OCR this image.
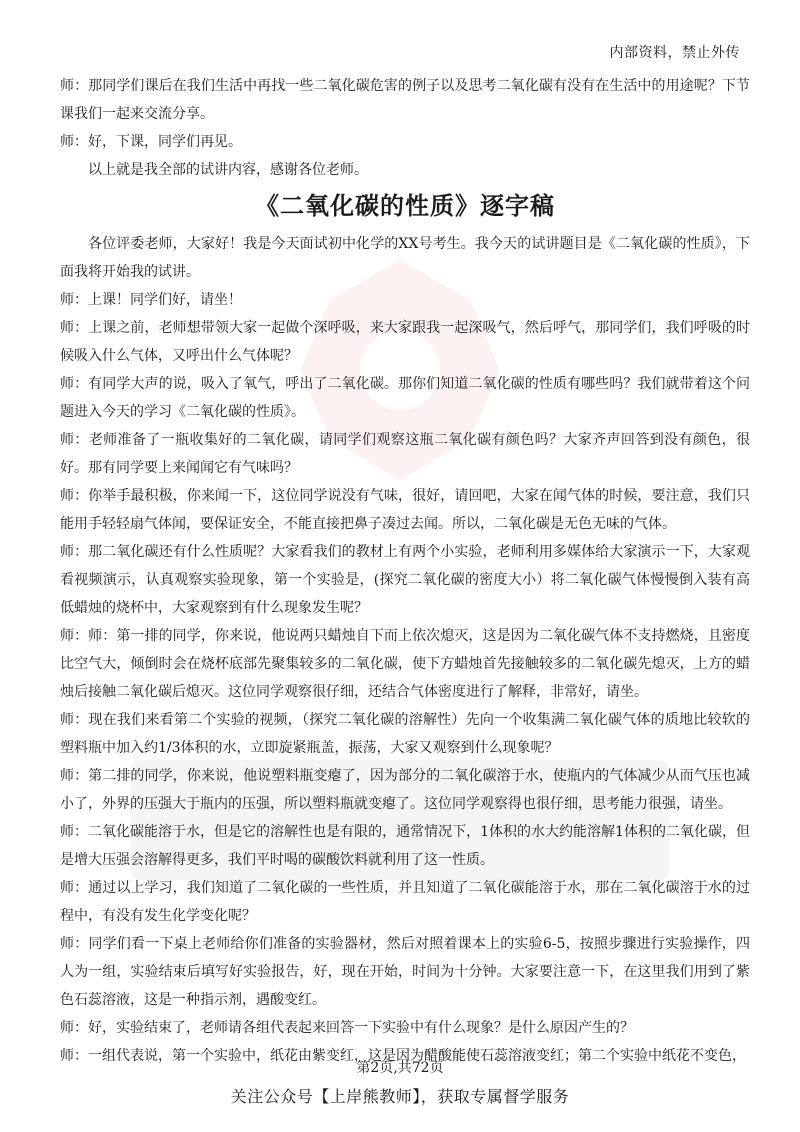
内部资料，禁止外传

师：那同学们课后在我们生活中再找一些二氧化碳危害的例子以及思考二氧化碳有没有在生活中的用途呢？下节课我们一起来交流分享。

师：好，下课，同学们再见。

以上就是我全部的试讲内容，感谢各位老师。

《二氧化碳的性质》逐字稿

各位评委老师，大家好！我是今天面试初中化学的XX号考生。我今天的试讲题目是《二氧化碳的性质》，下面我将开始我的试讲。

师：上课！同学们好，请坐！

师：上课之前，老师想带领大家一起做个深呼吸，来大家跟我一起深吸气，然后呼气，那同学们，我们呼吸的时候吸入什么气体，又呼出什么气体呢？

师：有同学大声的说，吸入了氧气，呼出了二氧化碳。那你们知道二氧化碳的性质有哪些吗？我们就带着这个问题进入今天的学习《二氧化碳的性质》。

师：老师准备了一瓶收集好的二氧化碳，请同学们观察这瓶二氧化碳有颜色吗？大家齐声回答到没有颜色，很好。那有同学要上来闻闻它有气味吗？

师：你举手最积极，你来闻一下，这位同学说没有气味，很好，请回吧，大家在闻气体的时候，要注意，我们只能用手轻轻扇气体闻，要保证安全，不能直接把鼻子凑过去闻。所以，二氧化碳是无色无味的气体。

师：那二氧化碳还有什么性质呢？大家看我们的教材上有两个小实验，老师利用多媒体给大家演示一下，大家观看视频演示，认真观察实验现象，第一个实验是，(探究二氧化碳的密度大小）将二氧化碳气体慢慢倒入装有高低蜡烛的烧杯中，大家观察到有什么现象发生呢？

师：师：第一排的同学，你来说，他说两只蜡烛自下而上依次熄灭，这是因为二氧化碳气体不支持燃烧，且密度比空气大，倾倒时会在烧杯底部先聚集较多的二氧化碳，使下方蜡烛首先接触较多的二氧化碳先熄灭，上方的蜡烛后接触二氧化碳后熄灭。这位同学观察很仔细，还结合气体密度进行了解释，非常好，请坐。

师：现在我们来看第二个实验的视频，（探究二氧化碳的溶解性）先向一个收集满二氧化碳气体的质地比较软的塑料瓶中加入约1/3体积的水，立即旋紧瓶盖，振荡，大家又观察到什么现象呢？

师：第二排的同学，你来说，他说塑料瓶变瘪了，因为部分的二氧化碳溶于水，使瓶内的气体减少从而气压也减小了，外界的压强大于瓶内的压强，所以塑料瓶就变瘪了。这位同学观察得也很仔细，思考能力很强，请坐。

师：二氧化碳能溶于水，但是它的溶解性也是有限的，通常情况下，1体积的水大约能溶解1体积的二氧化碳，但是增大压强会溶解得更多，我们平时喝的碳酸饮料就利用了这一性质。

师：通过以上学习，我们知道了二氧化碳的一些性质，并且知道了二氧化碳能溶于水，那在二氧化碳溶于水的过程中，有没有发生化学变化呢？

师：同学们看一下桌上老师给你们准备的实验器材，然后对照着课本上的实验6-5，按照步骤进行实验操作，四人为一组，实验结束后填写好实验报告，好，现在开始，时间为十分钟。大家要注意一下，在这里我们用到了紫色石蕊溶液，这是一种指示剂，遇酸变红。

师：好，实验结束了，老师请各组代表起来回答一下实验中有什么现象？是什么原因产生的？

师：一组代表说，第一个实验中，纸花由紫变红，这是因为醋酸能使石蕊溶液变红；第二个实验中纸花不变色，

第2页,共72页
关注公众号【上岸熊教师】，获取专属督学服务
